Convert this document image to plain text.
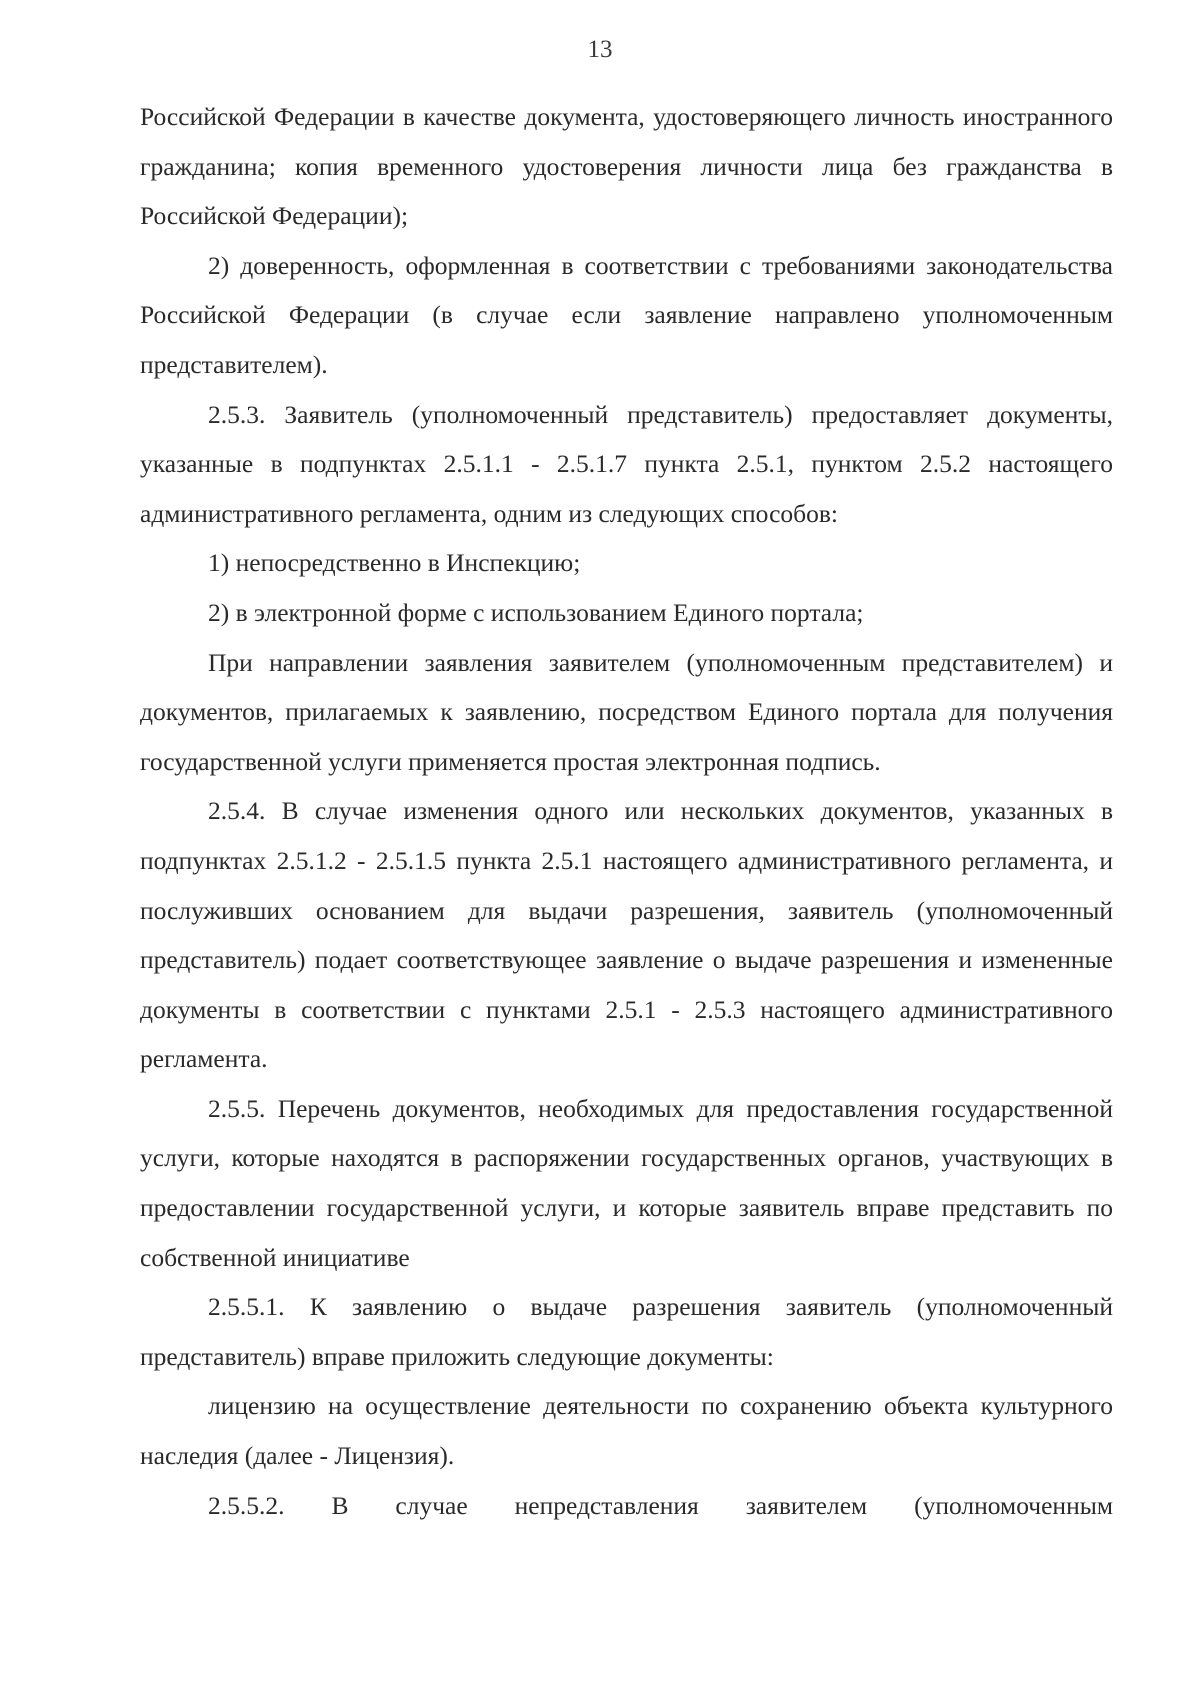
13

Российской Федерации в качестве документа, удостоверяющего личность иностранного гражданина; копия временного удостоверения личности лица без гражданства в Российской Федерации);

2) доверенность, оформленная в соответствии с требованиями законодательства Российской Федерации (в случае если заявление направлено уполномоченным представителем).

2.5.3. Заявитель (уполномоченный представитель) предоставляет документы, указанные в подпунктах 2.5.1.1 - 2.5.1.7 пункта 2.5.1, пунктом 2.5.2 настоящего административного регламента, одним из следующих способов:

1) непосредственно в Инспекцию;

2) в электронной форме с использованием Единого портала;

При направлении заявления заявителем (уполномоченным представителем) и документов, прилагаемых к заявлению, посредством Единого портала для получения государственной услуги применяется простая электронная подпись.

2.5.4. В случае изменения одного или нескольких документов, указанных в подпунктах 2.5.1.2 - 2.5.1.5 пункта 2.5.1 настоящего административного регламента, и послуживших основанием для выдачи разрешения, заявитель (уполномоченный представитель) подает соответствующее заявление о выдаче разрешения и измененные документы в соответствии с пунктами 2.5.1 - 2.5.3 настоящего административного регламента.

2.5.5. Перечень документов, необходимых для предоставления государственной услуги, которые находятся в распоряжении государственных органов, участвующих в предоставлении государственной услуги, и которые заявитель вправе представить по собственной инициативе

2.5.5.1. К заявлению о выдаче разрешения заявитель (уполномоченный представитель) вправе приложить следующие документы:

лицензию на осуществление деятельности по сохранению объекта культурного наследия (далее - Лицензия).

2.5.5.2. В случае непредставления заявителем (уполномоченным
